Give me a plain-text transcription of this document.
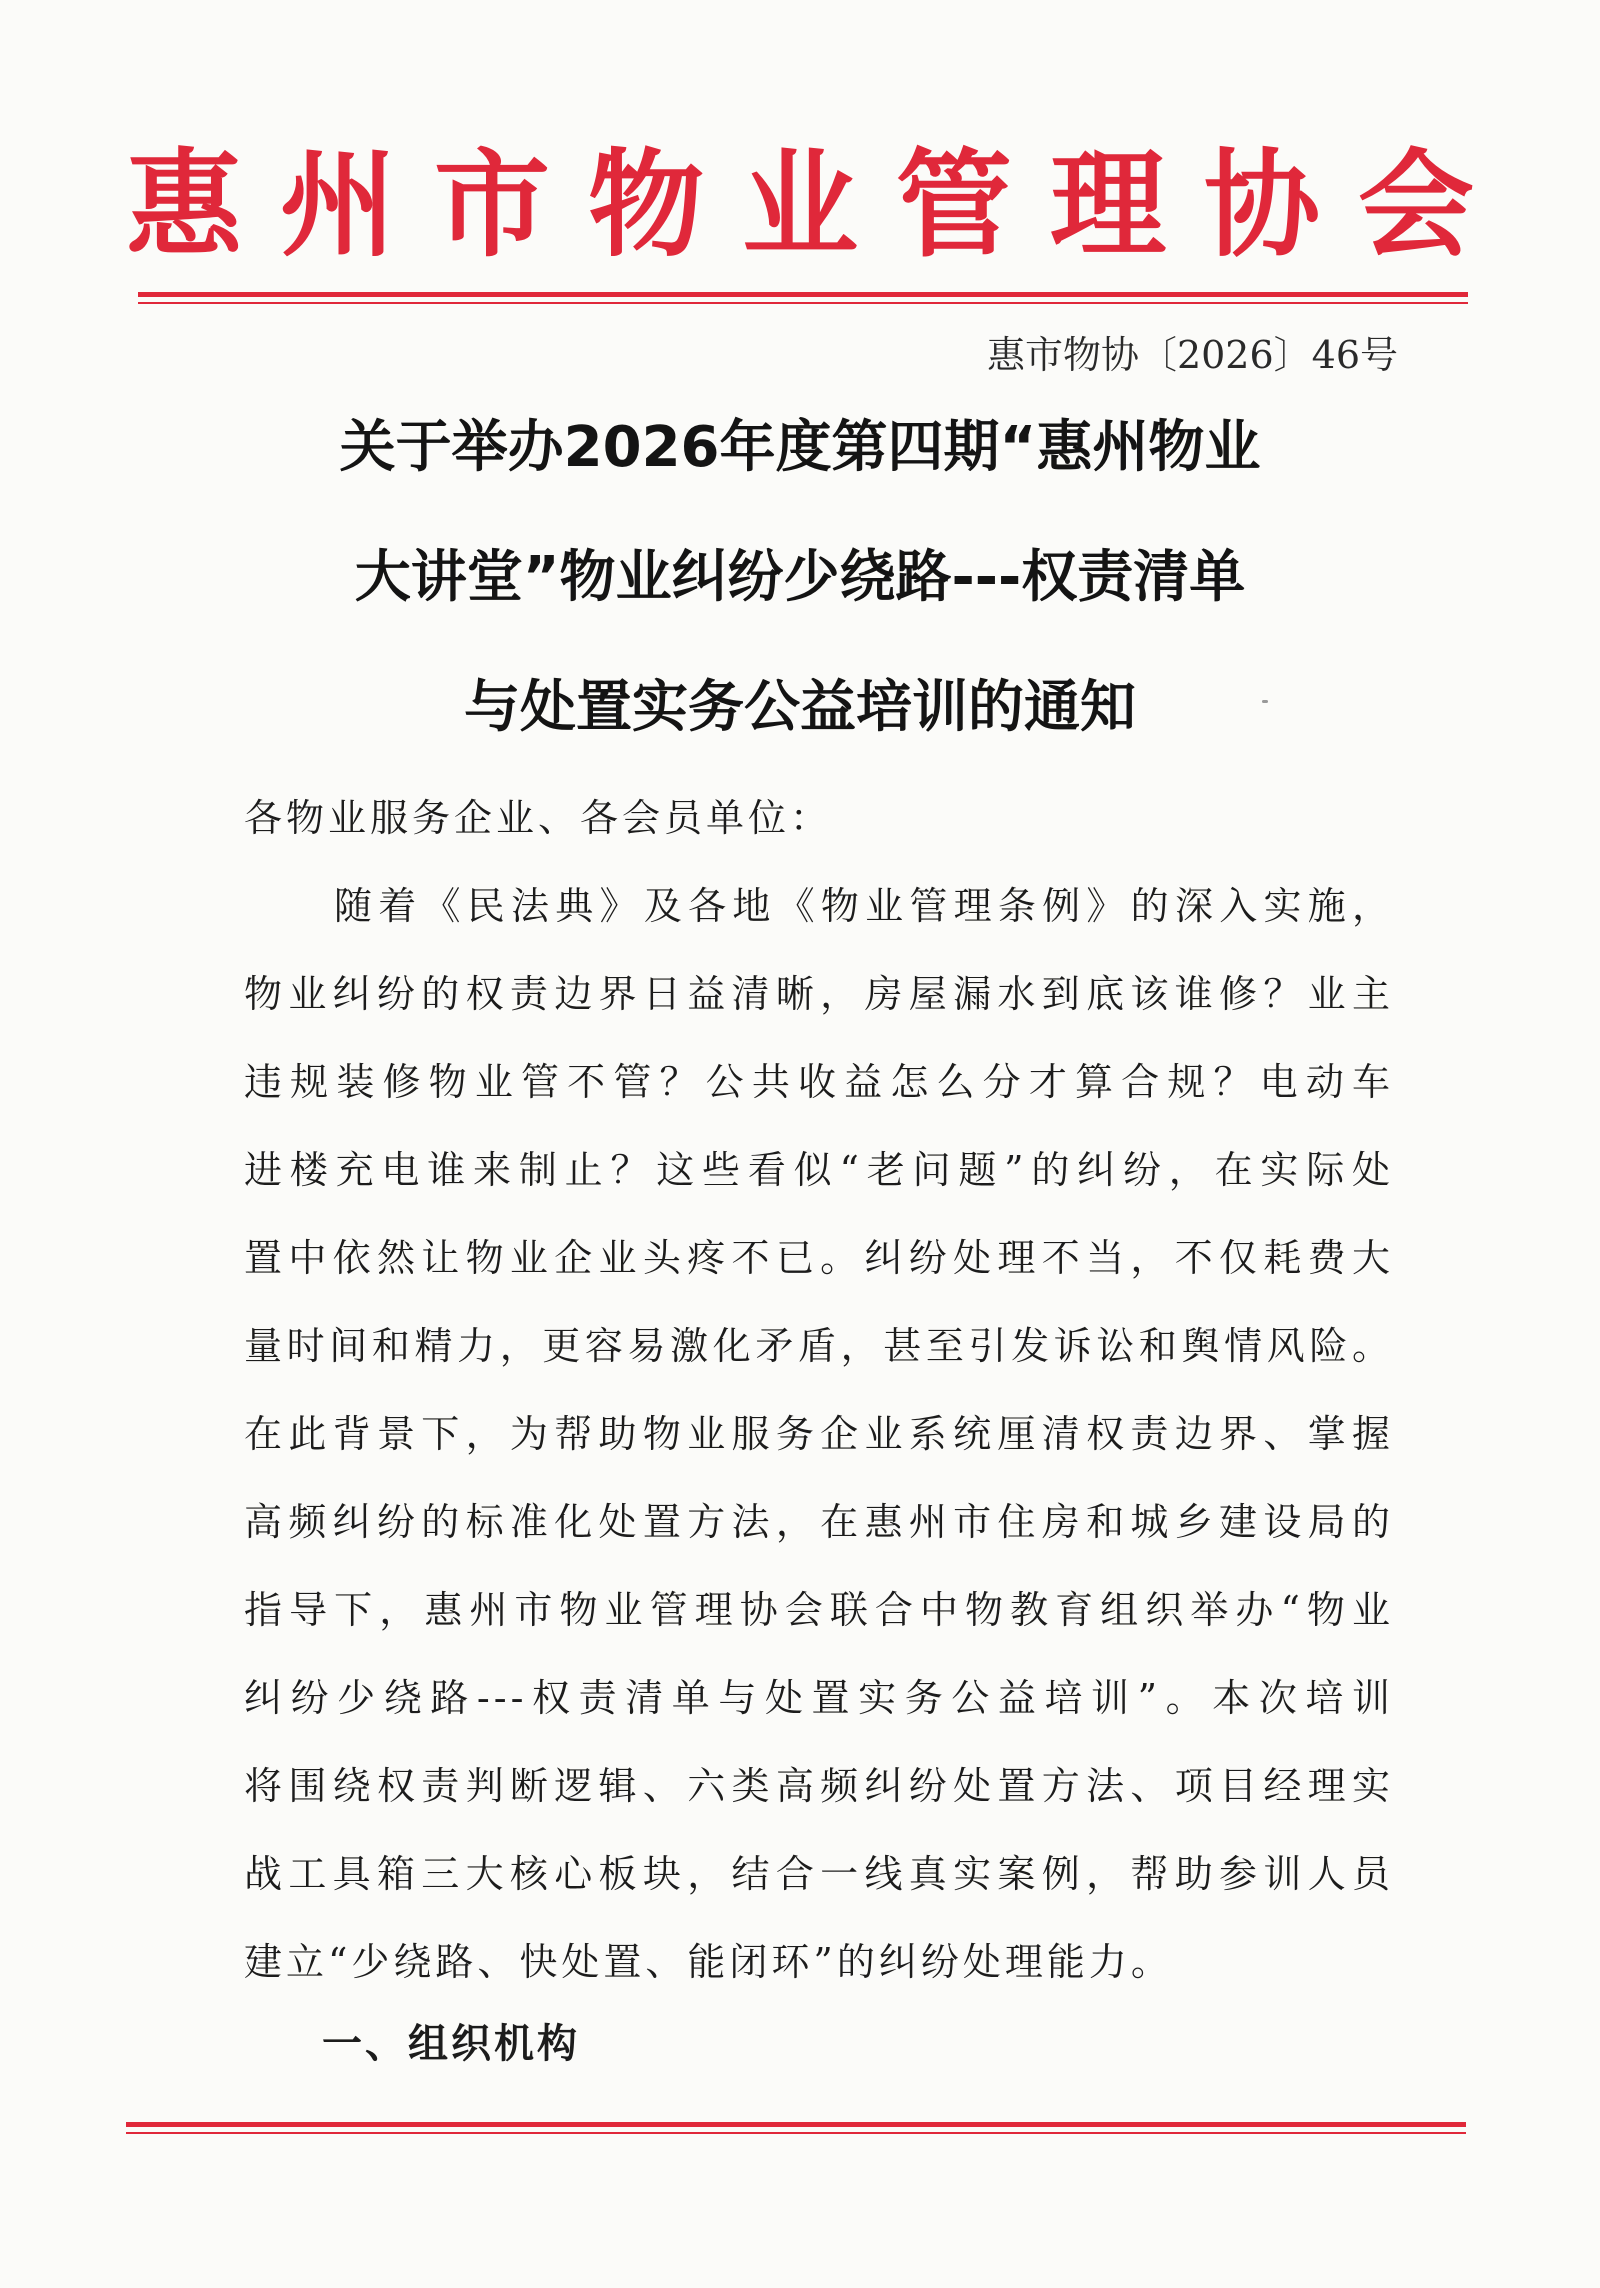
惠州市物业管理协会
惠市物协〔2026〕46号
关于举办2026年度第四期“惠州物业
大讲堂”物业纠纷少绕路---权责清单
与处置实务公益培训的通知
各物业服务企业、各会员单位：
随着《民法典》及各地《物业管理条例》的深入实施，
物业纠纷的权责边界日益清晰，房屋漏水到底该谁修？业主
违规装修物业管不管？公共收益怎么分才算合规？电动车
进楼充电谁来制止？这些看似“老问题”的纠纷，在实际处
置中依然让物业企业头疼不已。纠纷处理不当，不仅耗费大
量时间和精力，更容易激化矛盾，甚至引发诉讼和舆情风险。
在此背景下，为帮助物业服务企业系统厘清权责边界、掌握
高频纠纷的标准化处置方法，在惠州市住房和城乡建设局的
指导下，惠州市物业管理协会联合中物教育组织举办“物业
纠纷少绕路---权责清单与处置实务公益培训”。本次培训
将围绕权责判断逻辑、六类高频纠纷处置方法、项目经理实
战工具箱三大核心板块，结合一线真实案例，帮助参训人员
建立“少绕路、快处置、能闭环”的纠纷处理能力。
一、组织机构
